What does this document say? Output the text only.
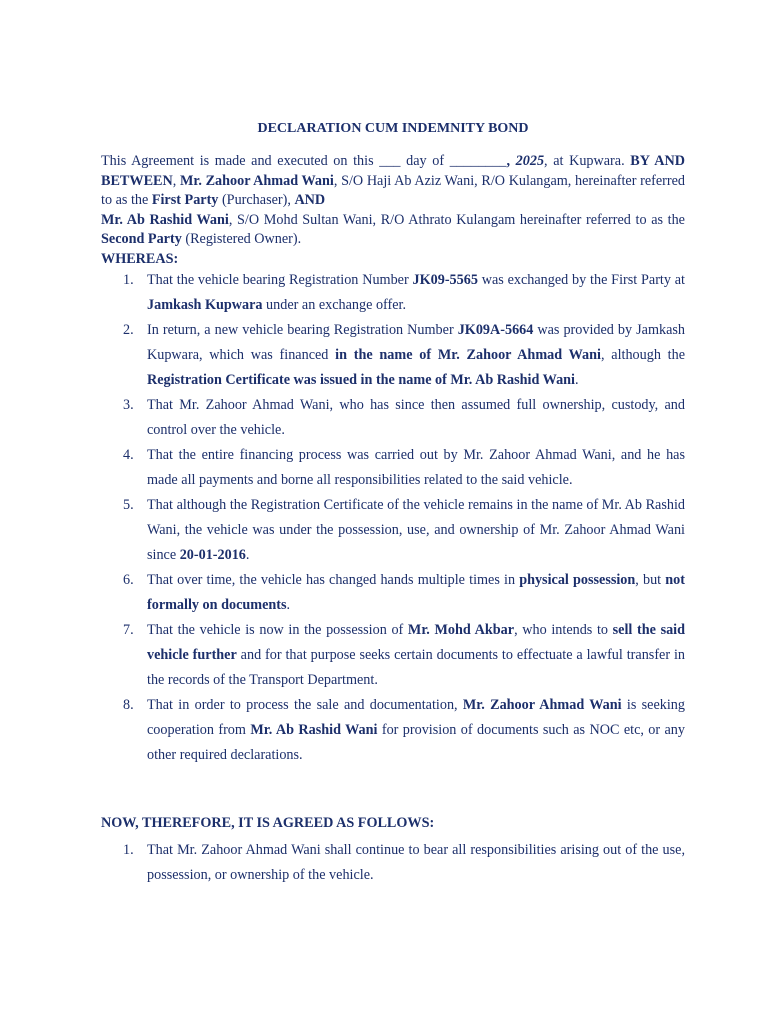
DECLARATION CUM INDEMNITY BOND

This Agreement is made and executed on this ___ day of ________, 2025, at Kupwara. BY AND BETWEEN, Mr. Zahoor Ahmad Wani, S/O Haji Ab Aziz Wani, R/O Kulangam, hereinafter referred to as the First Party (Purchaser), AND

Mr. Ab Rashid Wani, S/O Mohd Sultan Wani, R/O Athrato Kulangam hereinafter referred to as the Second Party (Registered Owner).

WHEREAS:

1. That the vehicle bearing Registration Number JK09-5565 was exchanged by the First Party at Jamkash Kupwara under an exchange offer.
2. In return, a new vehicle bearing Registration Number JK09A-5664 was provided by Jamkash Kupwara, which was financed in the name of Mr. Zahoor Ahmad Wani, although the Registration Certificate was issued in the name of Mr. Ab Rashid Wani.
3. That Mr. Zahoor Ahmad Wani, who has since then assumed full ownership, custody, and control over the vehicle.
4. That the entire financing process was carried out by Mr. Zahoor Ahmad Wani, and he has made all payments and borne all responsibilities related to the said vehicle.
5. That although the Registration Certificate of the vehicle remains in the name of Mr. Ab Rashid Wani, the vehicle was under the possession, use, and ownership of Mr. Zahoor Ahmad Wani since 20-01-2016.
6. That over time, the vehicle has changed hands multiple times in physical possession, but not formally on documents.
7. That the vehicle is now in the possession of Mr. Mohd Akbar, who intends to sell the said vehicle further and for that purpose seeks certain documents to effectuate a lawful transfer in the records of the Transport Department.
8. That in order to process the sale and documentation, Mr. Zahoor Ahmad Wani is seeking cooperation from Mr. Ab Rashid Wani for provision of documents such as NOC etc, or any other required declarations.

NOW, THEREFORE, IT IS AGREED AS FOLLOWS:

1. That Mr. Zahoor Ahmad Wani shall continue to bear all responsibilities arising out of the use, possession, or ownership of the vehicle.
